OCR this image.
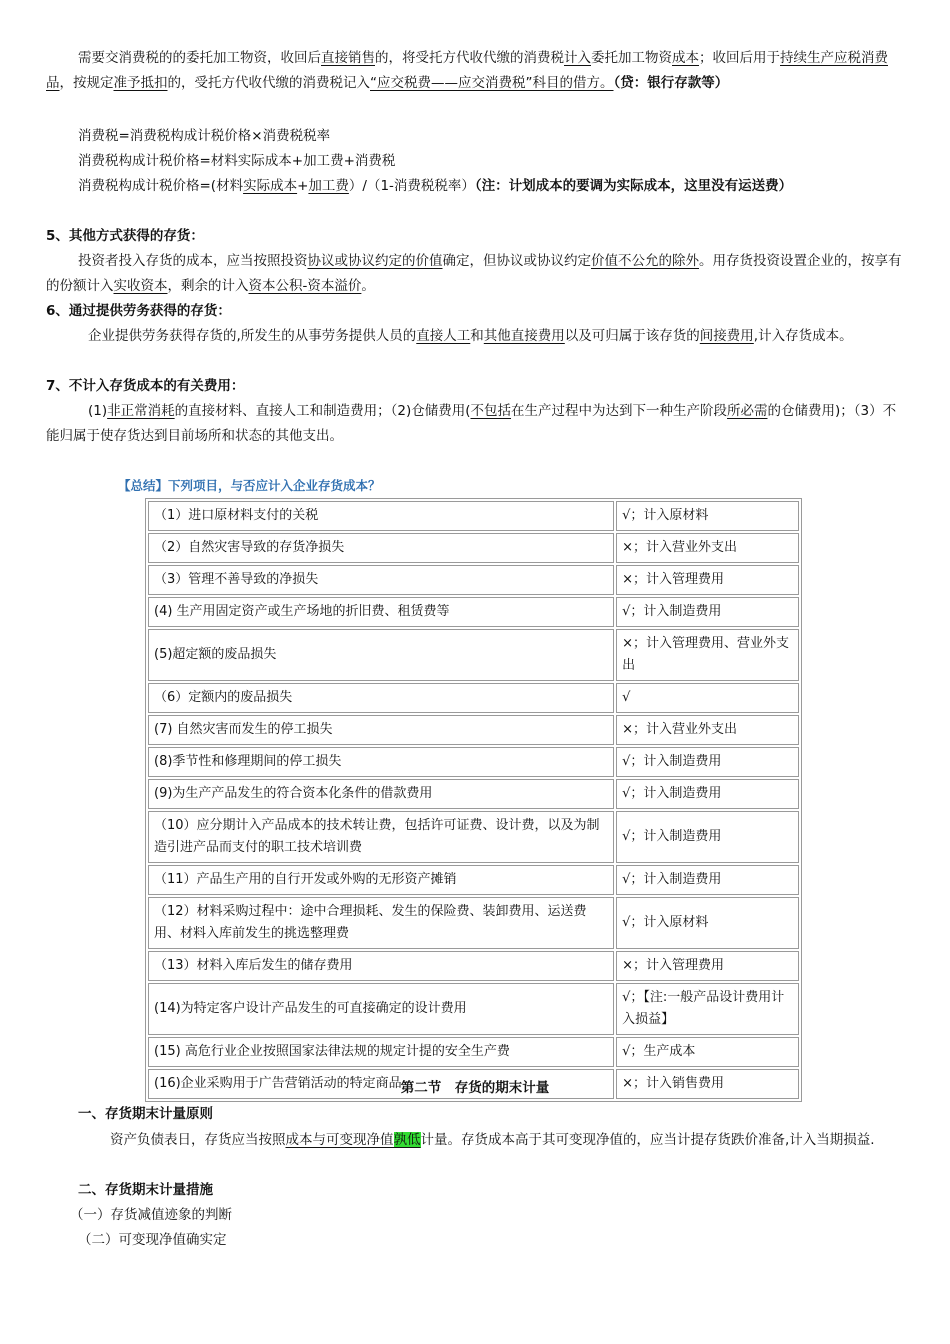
需要交消费税的的委托加工物资，收回后直接销售的，将受托方代收代缴的消费税计入委托加工物资成本；收回后用于持续生产应税消费品，按规定准予抵扣的，受托方代收代缴的消费税记入“应交税费——应交消费税”科目的借方。（贷：银行存款等）

消费税=消费税构成计税价格×消费税税率

消费税构成计税价格=材料实际成本+加工费+消费税

消费税构成计税价格=(材料实际成本+加工费）/（1-消费税税率）（注：计划成本的要调为实际成本，这里没有运送费）

5、其他方式获得的存货：

投资者投入存货的成本，应当按照投资协议或协议约定的价值确定，但协议或协议约定价值不公允的除外。用存货投资设置企业的，按享有的份额计入实收资本，剩余的计入资本公积-资本溢价。

6、通过提供劳务获得的存货：

企业提供劳务获得存货的,所发生的从事劳务提供人员的直接人工和其他直接费用以及可归属于该存货的间接费用,计入存货成本。

7、不计入存货成本的有关费用：

(1)非正常消耗的直接材料、直接人工和制造费用；（2)仓储费用(不包括在生产过程中为达到下一种生产阶段所必需的仓储费用)；（3）不能归属于使存货达到目前场所和状态的其他支出。

【总结】下列项目，与否应计入企业存货成本？
（1）进口原材料支付的关税	√；计入原材料
（2）自然灾害导致的存货净损失	×；计入营业外支出
（3）管理不善导致的净损失	×；计入管理费用
(4) 生产用固定资产或生产场地的折旧费、租赁费等	√；计入制造费用
(5)超定额的废品损失	×；计入管理费用、营业外支出
（6）定额内的废品损失	√
(7) 自然灾害而发生的停工损失	×；计入营业外支出
(8)季节性和修理期间的停工损失	√；计入制造费用
(9)为生产产品发生的符合资本化条件的借款费用	√；计入制造费用
（10）应分期计入产品成本的技术转让费，包括许可证费、设计费，以及为制造引进产品而支付的职工技术培训费	√；计入制造费用
（11）产品生产用的自行开发或外购的无形资产摊销	√；计入制造费用
（12）材料采购过程中：途中合理损耗、发生的保险费、装卸费用、运送费用、材料入库前发生的挑选整理费	√；计入原材料
（13）材料入库后发生的储存费用	×；计入管理费用
(14)为特定客户设计产品发生的可直接确定的设计费用	√；【注:一般产品设计费用计入损益】
(15) 高危行业企业按照国家法律法规的规定计提的安全生产费	√；生产成本
(16)企业采购用于广告营销活动的特定商品	×；计入销售费用

第二节　存货的期末计量

一、存货期末计量原则

资产负债表日，存货应当按照成本与可变现净值孰低计量。存货成本高于其可变现净值的，应当计提存货跌价准备,计入当期损益.

二、存货期末计量措施

（一）存货减值迹象的判断

（二）可变现净值确实定
